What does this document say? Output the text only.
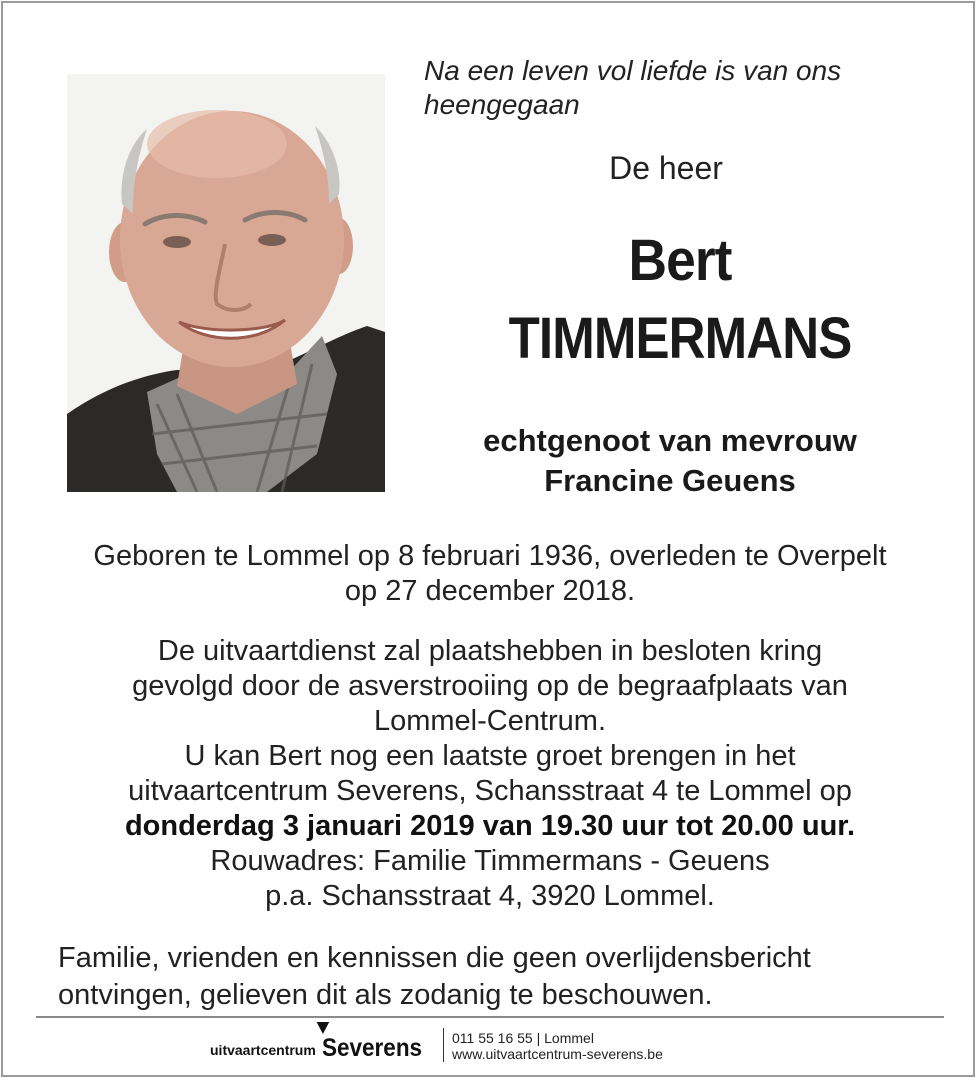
Na een leven vol liefde is van ons heengegaan
De heer
Bert
TIMMERMANS
echtgenoot van mevrouw
Francine Geuens
Geboren te Lommel op 8 februari 1936, overleden te Overpelt
op 27 december 2018.
De uitvaartdienst zal plaatshebben in besloten kring
gevolgd door de asverstrooiing op de begraafplaats van
Lommel-Centrum.
U kan Bert nog een laatste groet brengen in het
uitvaartcentrum Severens, Schansstraat 4 te Lommel op
donderdag 3 januari 2019 van 19.30 uur tot 20.00 uur.
Rouwadres: Familie Timmermans - Geuens
p.a. Schansstraat 4, 3920 Lommel.
Familie, vrienden en kennissen die geen overlijdensbericht
ontvingen, gelieven dit als zodanig te beschouwen.
uitvaartcentrum Severens 011 55 16 55 | Lommel
www.uitvaartcentrum-severens.be
